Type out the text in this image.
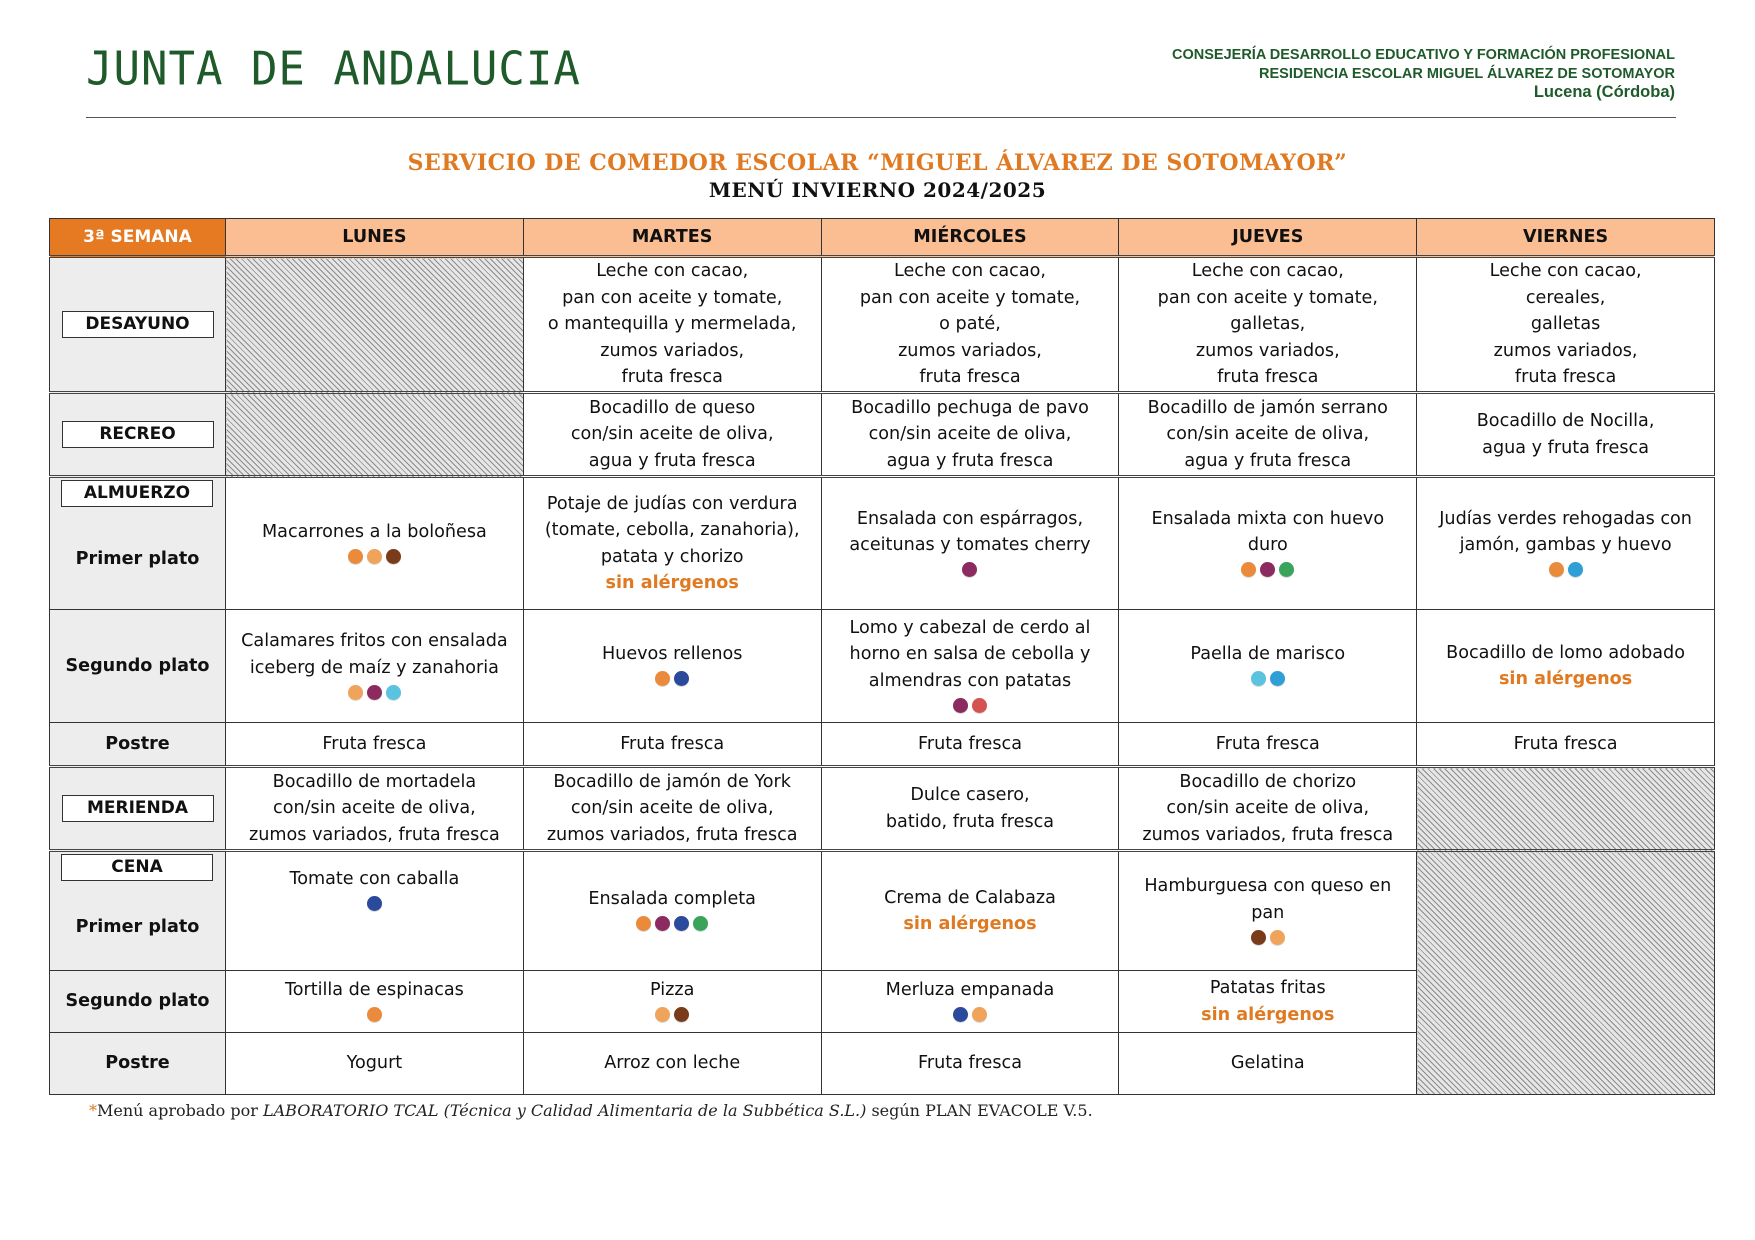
JUNTA DE ANDALUCIA	CONSEJERÍA DESARROLLO EDUCATIVO Y FORMACIÓN PROFESIONAL
RESIDENCIA ESCOLAR MIGUEL ÁLVAREZ DE SOTOMAYOR
Lucena (Córdoba)
SERVICIO DE COMEDOR ESCOLAR “MIGUEL ÁLVAREZ DE SOTOMAYOR”
MENÚ INVIERNO 2024/2025
3ª SEMANA	LUNES	MARTES	MIÉRCOLES	JUEVES	VIERNES
DESAYUNO		Leche con cacao,
pan con aceite y tomate,
o mantequilla y mermelada,
zumos variados,
fruta fresca	Leche con cacao,
pan con aceite y tomate,
o paté,
zumos variados,
fruta fresca	Leche con cacao,
pan con aceite y tomate,
galletas,
zumos variados,
fruta fresca	Leche con cacao,
cereales,
galletas
zumos variados,
fruta fresca

RECREO		Bocadillo de queso
con/sin aceite de oliva,
agua y fruta fresca	Bocadillo pechuga de pavo
con/sin aceite de oliva,
agua y fruta fresca	Bocadillo de jamón serrano
con/sin aceite de oliva,
agua y fruta fresca	Bocadillo de Nocilla,
agua y fruta fresca

ALMUERZO
Primer plato	Macarrones a la boloñesa	Potaje de judías con verdura
(tomate, cebolla, zanahoria),
patata y chorizo
sin alérgenos	Ensalada con espárragos,
aceitunas y tomates cherry	Ensalada mixta con huevo
duro	Judías verdes rehogadas con
jamón, gambas y huevo

Segundo plato	Calamares fritos con ensalada
iceberg de maíz y zanahoria	Huevos rellenos	Lomo y cabezal de cerdo al
horno en salsa de cebolla y
almendras con patatas	Paella de marisco	Bocadillo de lomo adobado
sin alérgenos

Postre	Fruta fresca	Fruta fresca	Fruta fresca	Fruta fresca	Fruta fresca
MERIENDA	Bocadillo de mortadela
con/sin aceite de oliva,
zumos variados, fruta fresca	Bocadillo de jamón de York
con/sin aceite de oliva,
zumos variados, fruta fresca	Dulce casero,
batido, fruta fresca	Bocadillo de chorizo
con/sin aceite de oliva,
zumos variados, fruta fresca	

CENA
Primer plato	Tomate con caballa	Ensalada completa	Crema de Calabaza
sin alérgenos	Hamburguesa con queso en
pan	

Segundo plato	Tortilla de espinacas	Pizza	Merluza empanada	Patatas fritas
sin alérgenos	

Postre	Yogurt	Arroz con leche	Fruta fresca	Gelatina	
*Menú aprobado por LABORATORIO TCAL (Técnica y Calidad Alimentaria de la Subbética S.L.) según PLAN EVACOLE V.5.
